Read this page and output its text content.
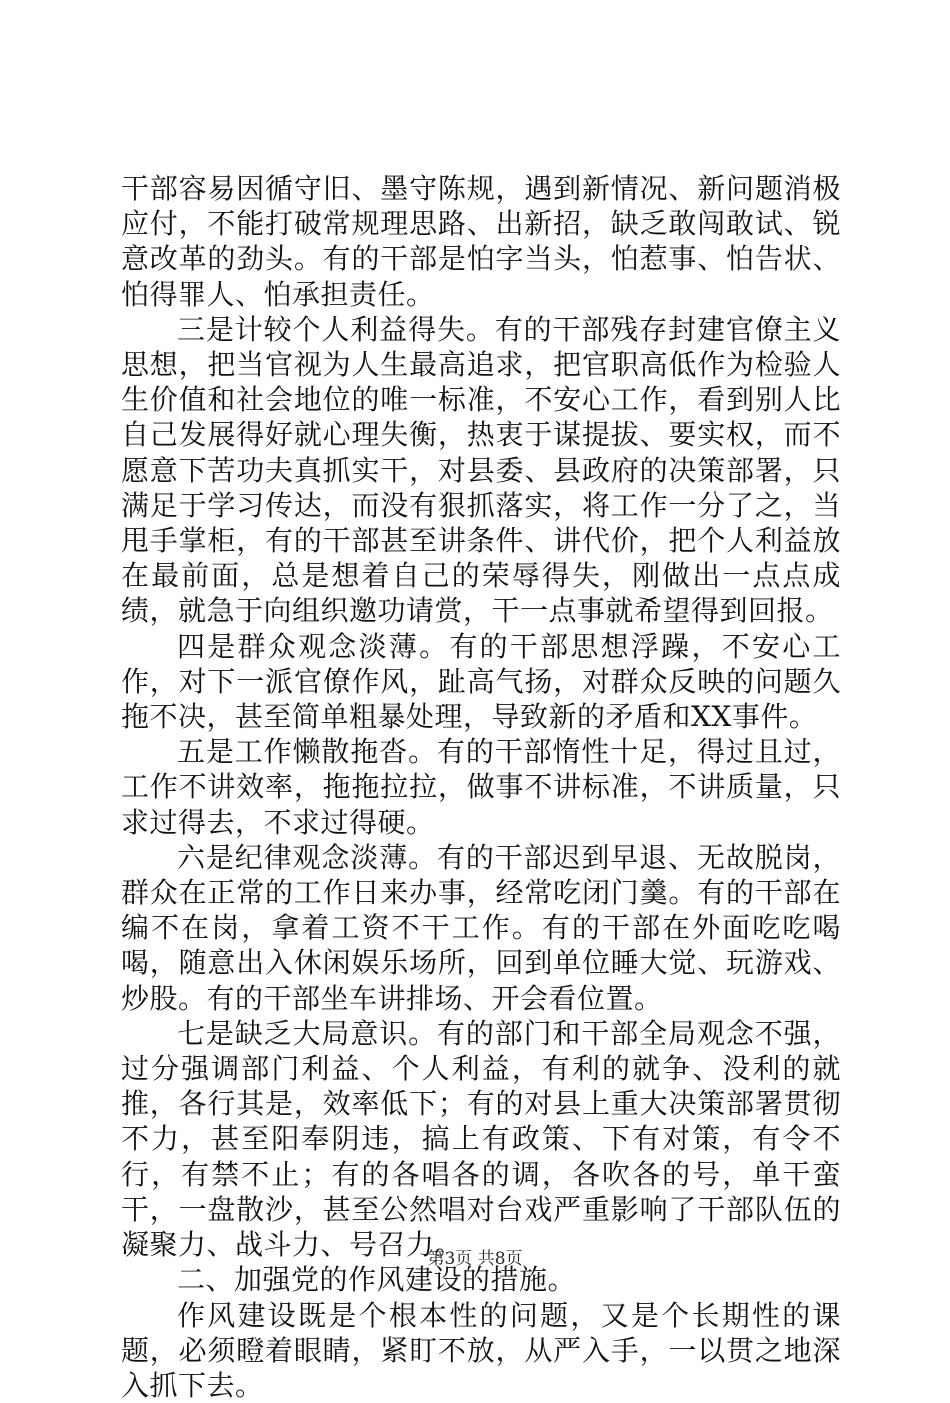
干部容易因循守旧、墨守陈规，遇到新情况、新问题消极应付，不能打破常规理思路、出新招，缺乏敢闯敢试、锐意改革的劲头。有的干部是怕字当头，怕惹事、怕告状、怕得罪人、怕承担责任。

三是计较个人利益得失。有的干部残存封建官僚主义思想，把当官视为人生最高追求，把官职高低作为检验人生价值和社会地位的唯一标准，不安心工作，看到别人比自己发展得好就心理失衡，热衷于谋提拔、要实权，而不愿意下苦功夫真抓实干，对县委、县政府的决策部署，只满足于学习传达，而没有狠抓落实，将工作一分了之，当甩手掌柜，有的干部甚至讲条件、讲代价，把个人利益放在最前面，总是想着自己的荣辱得失，刚做出一点点成绩，就急于向组织邀功请赏，干一点事就希望得到回报。

四是群众观念淡薄。有的干部思想浮躁，不安心工作，对下一派官僚作风，趾高气扬，对群众反映的问题久拖不决，甚至简单粗暴处理，导致新的矛盾和XX事件。

五是工作懒散拖沓。有的干部惰性十足，得过且过，工作不讲效率，拖拖拉拉，做事不讲标准，不讲质量，只求过得去，不求过得硬。

六是纪律观念淡薄。有的干部迟到早退、无故脱岗，群众在正常的工作日来办事，经常吃闭门羹。有的干部在编不在岗，拿着工资不干工作。有的干部在外面吃吃喝喝，随意出入休闲娱乐场所，回到单位睡大觉、玩游戏、炒股。有的干部坐车讲排场、开会看位置。

七是缺乏大局意识。有的部门和干部全局观念不强，过分强调部门利益、个人利益，有利的就争、没利的就推，各行其是，效率低下；有的对县上重大决策部署贯彻不力，甚至阳奉阴违，搞上有政策、下有对策，有令不行，有禁不止；有的各唱各的调，各吹各的号，单干蛮干，一盘散沙，甚至公然唱对台戏严重影响了干部队伍的凝聚力、战斗力、号召力。

二、加强党的作风建设的措施。

作风建设既是个根本性的问题，又是个长期性的课题，必须瞪着眼睛，紧盯不放，从严入手，一以贯之地深入抓下去。

第3页 共8页
